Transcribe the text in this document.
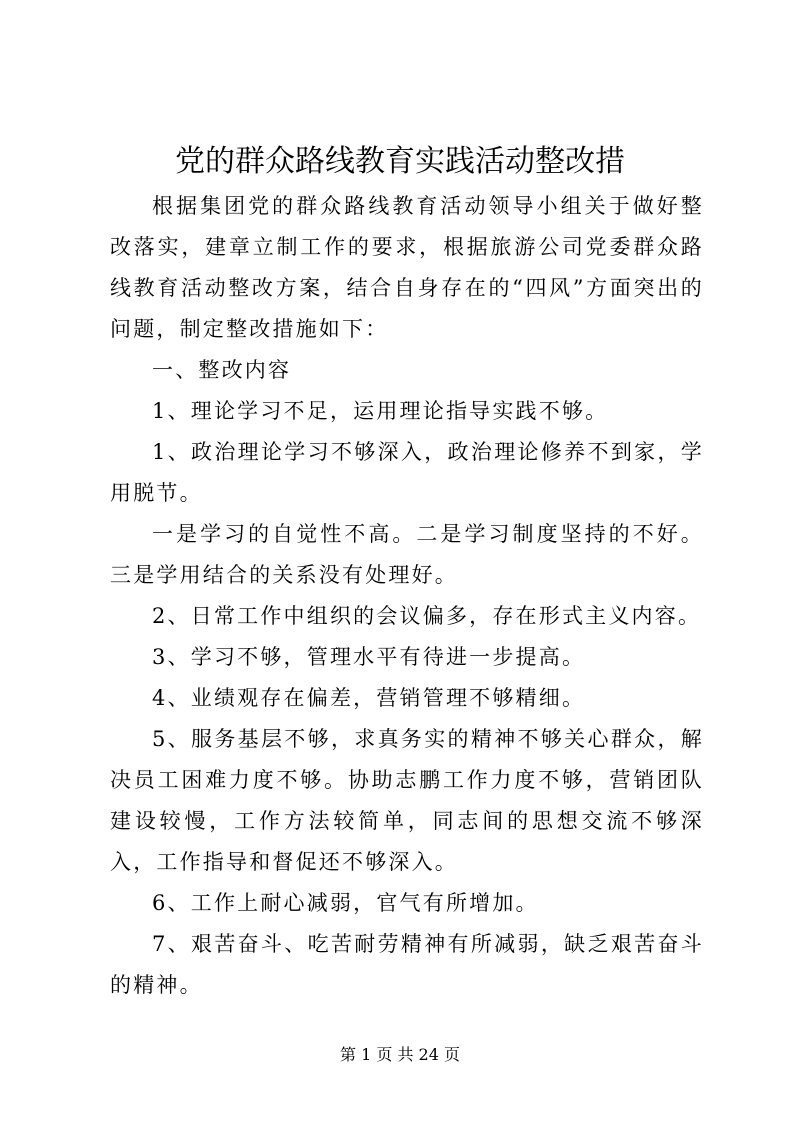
党的群众路线教育实践活动整改措

根据集团党的群众路线教育活动领导小组关于做好整改落实，建章立制工作的要求，根据旅游公司党委群众路线教育活动整改方案，结合自身存在的“四风”方面突出的问题，制定整改措施如下：

一、整改内容

1、理论学习不足，运用理论指导实践不够。

1、政治理论学习不够深入，政治理论修养不到家，学用脱节。

一是学习的自觉性不高。二是学习制度坚持的不好。三是学用结合的关系没有处理好。

2、日常工作中组织的会议偏多，存在形式主义内容。

3、学习不够，管理水平有待进一步提高。

4、业绩观存在偏差，营销管理不够精细。

5、服务基层不够，求真务实的精神不够关心群众，解决员工困难力度不够。协助志鹏工作力度不够，营销团队建设较慢，工作方法较简单，同志间的思想交流不够深入，工作指导和督促还不够深入。

6、工作上耐心减弱，官气有所增加。

7、艰苦奋斗、吃苦耐劳精神有所减弱，缺乏艰苦奋斗的精神。

第 1 页 共 24 页
